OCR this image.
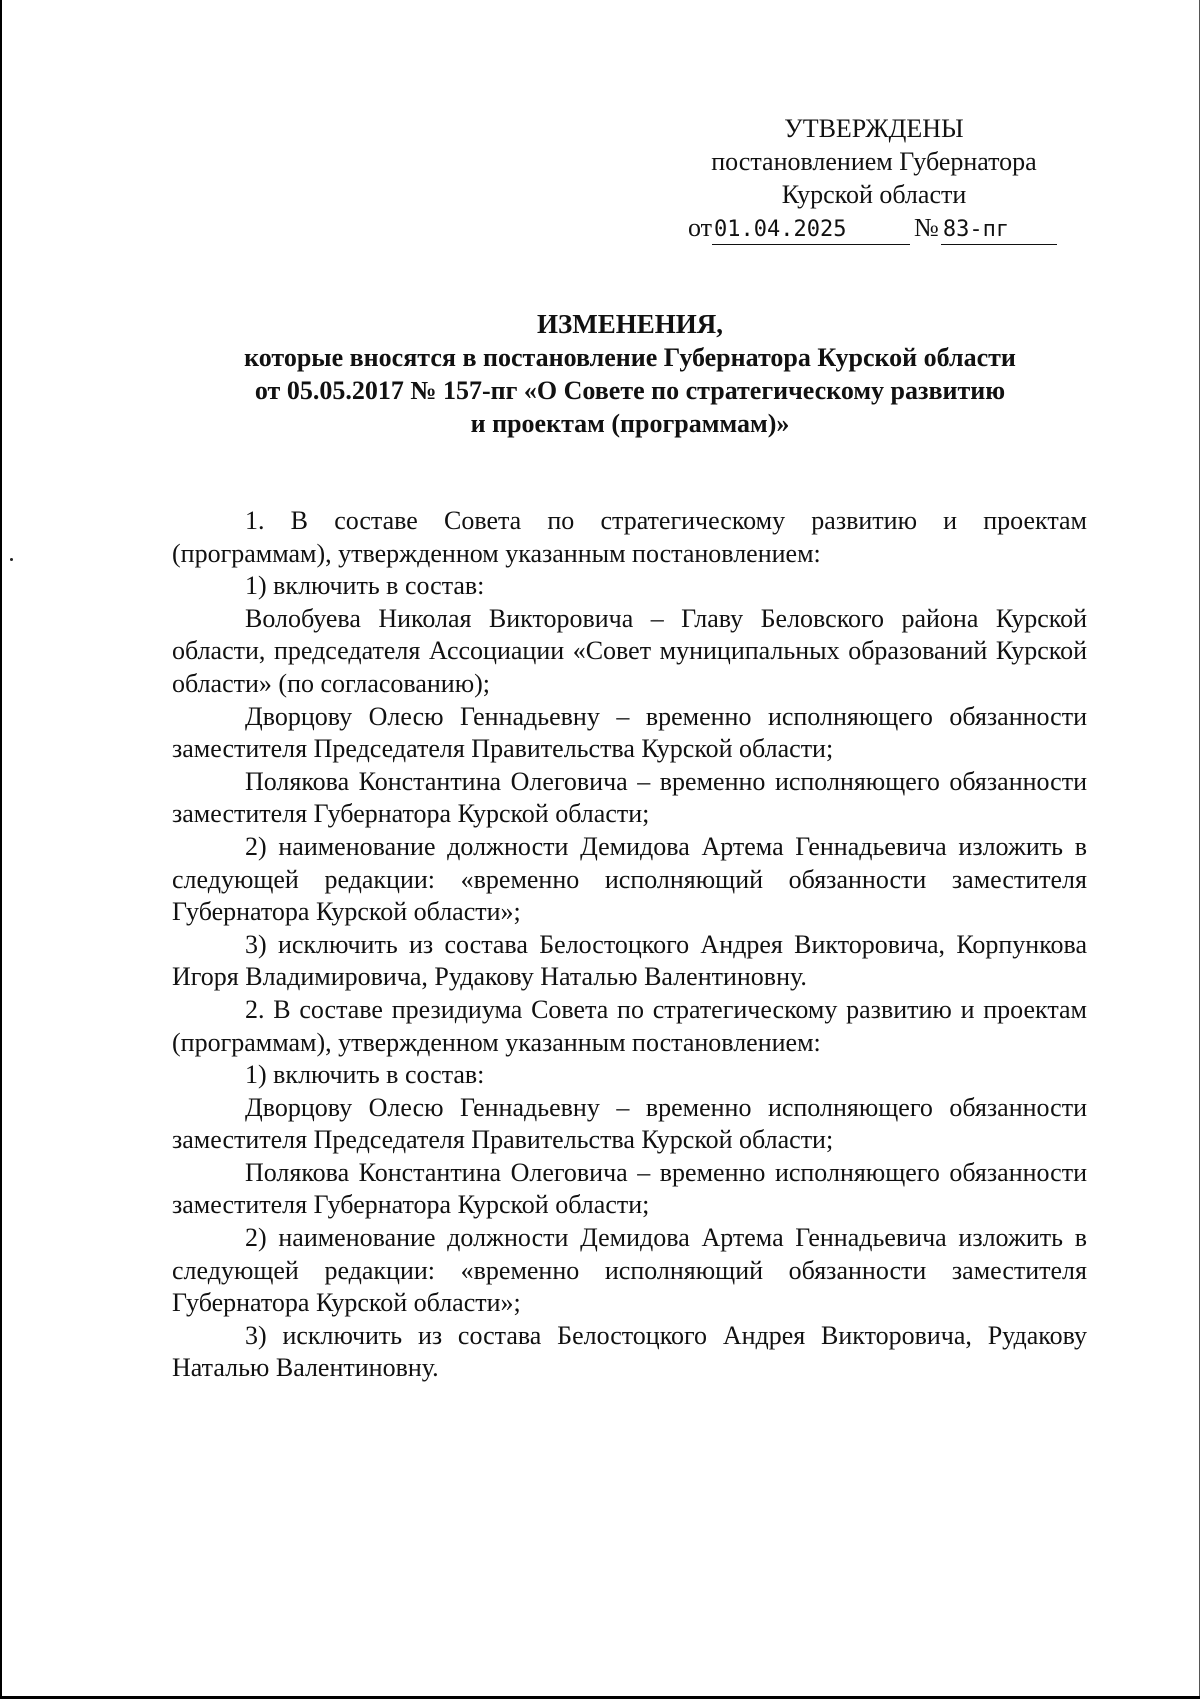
УТВЕРЖДЕНЫ
постановлением Губернатора
Курской области
от01.04.2025	№ 83-пг
ИЗМЕНЕНИЯ,
которые вносятся в постановление Губернатора Курской области
от 05.05.2017 № 157-пг «О Совете по стратегическому развитию
и проектам (программам)»

1. В составе Совета по стратегическому развитию и проектам (программам), утвержденном указанным постановлением:

1) включить в состав:

Волобуева Николая Викторовича – Главу Беловского района Курской области, председателя Ассоциации «Совет муниципальных образований Курской области» (по согласованию);

Дворцову Олесю Геннадьевну – временно исполняющего обязанности заместителя Председателя Правительства Курской области;

Полякова Константина Олеговича – временно исполняющего обязанности заместителя Губернатора Курской области;

2) наименование должности Демидова Артема Геннадьевича изложить в следующей редакции: «временно исполняющий обязанности заместителя Губернатора Курской области»;

3) исключить из состава Белостоцкого Андрея Викторовича, Корпункова Игоря Владимировича, Рудакову Наталью Валентиновну.

2. В составе президиума Совета по стратегическому развитию и проектам (программам), утвержденном указанным постановлением:

1) включить в состав:

Дворцову Олесю Геннадьевну – временно исполняющего обязанности заместителя Председателя Правительства Курской области;

Полякова Константина Олеговича – временно исполняющего обязанности заместителя Губернатора Курской области;

2) наименование должности Демидова Артема Геннадьевича изложить в следующей редакции: «временно исполняющий обязанности заместителя Губернатора Курской области»;

3) исключить из состава Белостоцкого Андрея Викторовича, Рудакову Наталью Валентиновну.
